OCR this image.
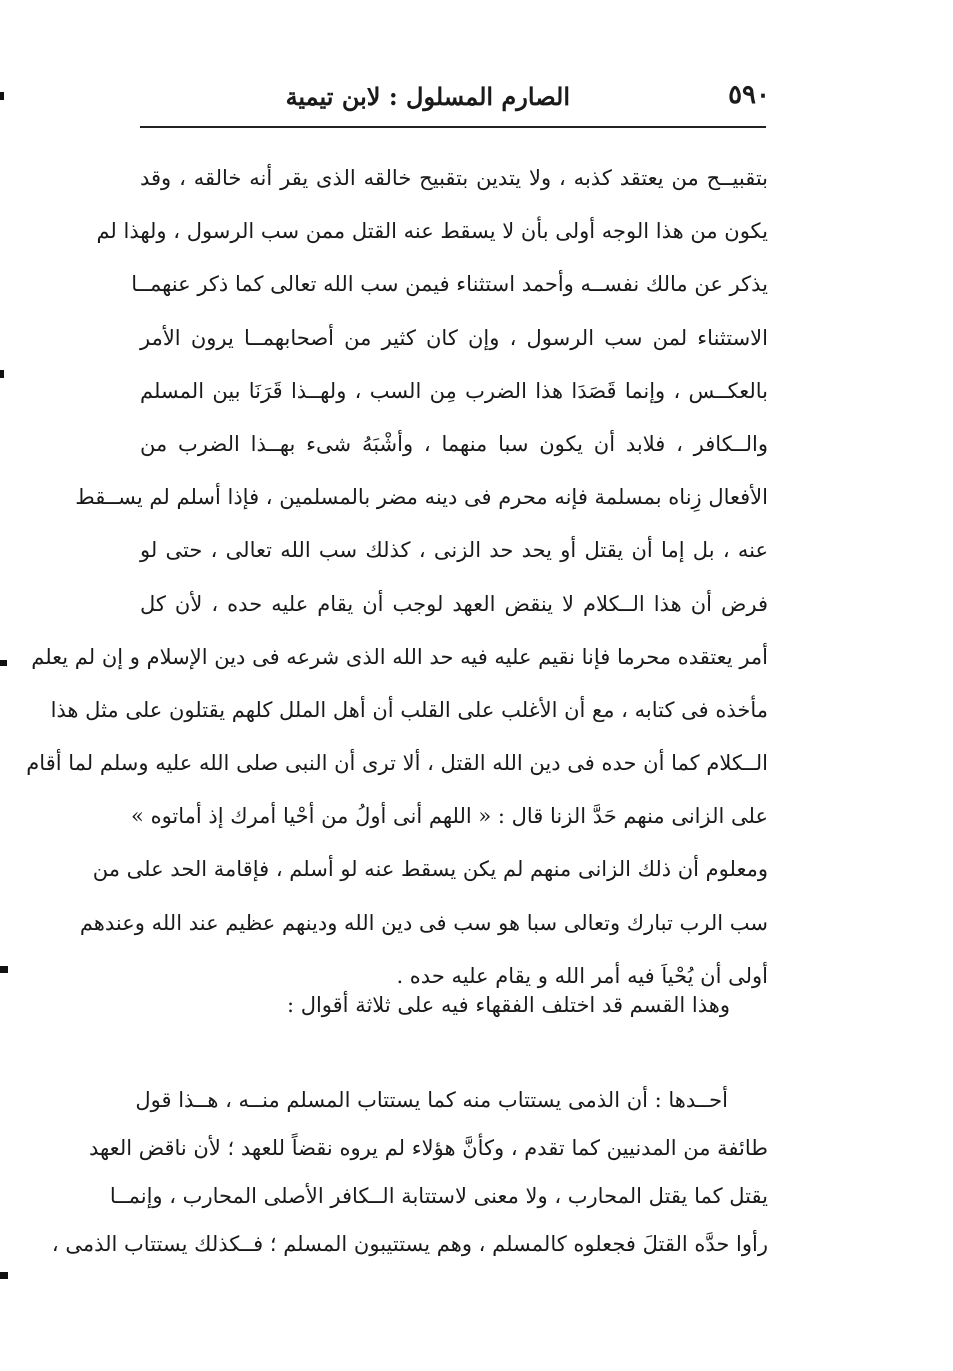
٥٩٠
الصارم المسلول : لابن تيمية
بتقبيــح من يعتقد كذبه ، ولا يتدين بتقبيح خالقه الذى يقر أنه خالقه ، وقد
يكون من هذا الوجه أولى بأن لا يسقط عنه القتل ممن سب الرسول ، ولهذا لم
يذكر عن مالك نفســه وأحمد استثناء فيمن سب الله تعالى كما ذكر عنهمــا
الاستثناء لمن سب الرسول ، وإن كان كثير من أصحابهمــا يرون الأمر
بالعكــس ، وإنما قَصَدَا هذا الضرب مِن السب ، ولهــذا قَرَنَا بين المسلم
والــكافر ، فلابد أن يكون سبا منهما ، وأشْبَهُ شىء بهــذا الضرب من
الأفعال زِناه بمسلمة فإنه محرم فى دينه مضر بالمسلمين ، فإذا أسلم لم يســقط
عنه ، بل إما أن يقتل أو يحد حد الزنى ، كذلك سب الله تعالى ، حتى لو
فرض أن هذا الــكلام لا ينقض العهد لوجب أن يقام عليه حده ، لأن كل
أمر يعتقده محرما فإنا نقيم عليه فيه حد الله الذى شرعه فى دين الإسلام و إن لم يعلم
مأخذه فى كتابه ، مع أن الأغلب على القلب أن أهل الملل كلهم يقتلون على مثل هذا
الــكلام كما أن حده فى دين الله القتل ، ألا ترى أن النبى صلى الله عليه وسلم لما أقام
على الزانى منهم حَدَّ الزنا قال : « اللهم أنى أولُ من أحْيا أمرك إذ أماتوه »
ومعلوم أن ذلك الزانى منهم لم يكن يسقط عنه لو أسلم ، فإقامة الحد على من
سب الرب تبارك وتعالى سبا هو سب فى دين الله ودينهم عظيم عند الله وعندهم
أولى أن يُحْياَ فيه أمر الله و يقام عليه حده .
وهذا القسم قد اختلف الفقهاء فيه على ثلاثة أقوال :
أحــدها : أن الذمى يستتاب منه كما يستتاب المسلم منــه ، هــذا قول
طائفة من المدنيين كما تقدم ، وكأنَّ هؤلاء لم يروه نقضاً للعهد ؛ لأن ناقض العهد
يقتل كما يقتل المحارب ، ولا معنى لاستتابة الــكافر الأصلى المحارب ، وإنمــا
رأوا حدَّه القتلَ فجعلوه كالمسلم ، وهم يستتيبون المسلم ؛ فــكذلك يستتاب الذمى ،
